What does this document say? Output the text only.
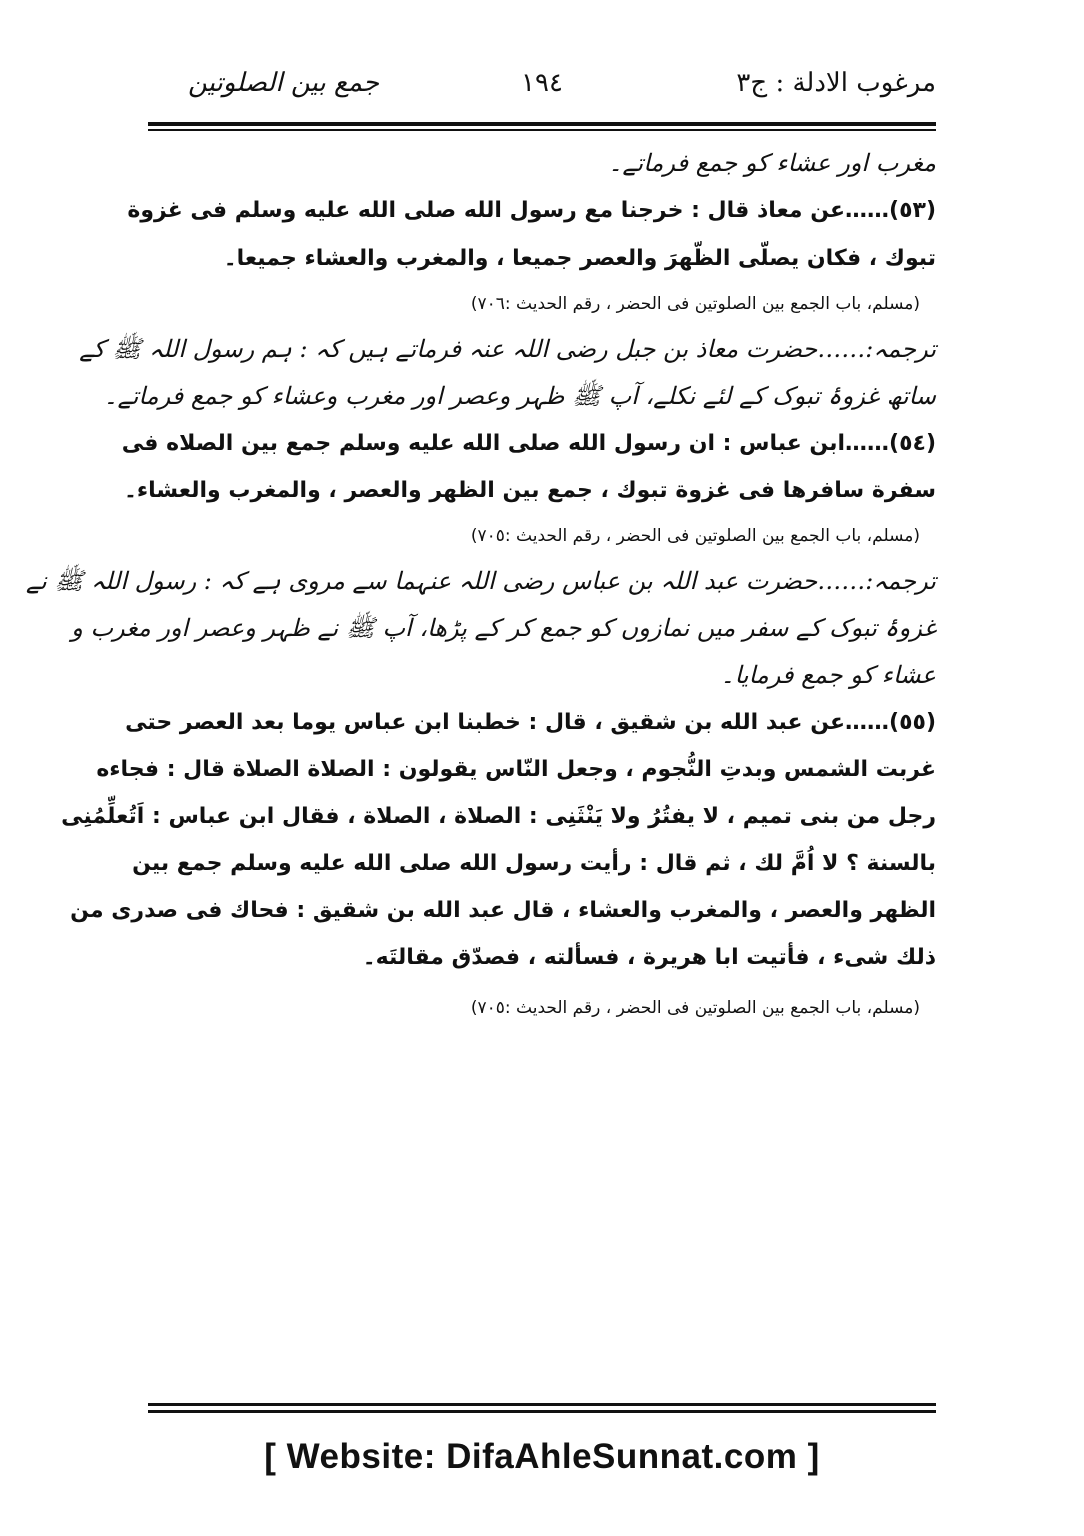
مرغوب الادلة : ج٣
١٩٤
جمع بین الصلوتین
مغرب اور عشاء کو جمع فرماتے۔
(٥٣)……عن معاذ قال : خرجنا مع رسول الله صلى الله عليه وسلم فى غزوة
تبوك ، فكان يصلّى الظّهرَ والعصر جميعا ، والمغرب والعشاء جميعا۔
(مسلم، باب الجمع بين الصلوتين فى الحضر ، رقم الحديث :٧٠٦)
ترجمہ:……حضرت معاذ بن جبل رضی اللہ عنہ فرماتے ہیں کہ : ہم رسول اللہ ﷺ کے
ساتھ غزوۂ تبوک کے لئے نکلے، آپ ﷺ ظہر وعصر اور مغرب وعشاء کو جمع فرماتے۔
(٥٤)……ابن عباس : ان رسول الله صلى الله عليه وسلم جمع بين الصلاه فى
سفرة سافرها فى غزوة تبوك ، جمع بين الظهر والعصر ، والمغرب والعشاء۔
(مسلم، باب الجمع بين الصلوتين فى الحضر ، رقم الحديث :٧٠٥)
ترجمہ:……حضرت عبد اللہ بن عباس رضی اللہ عنہما سے مروی ہے کہ : رسول اللہ ﷺ نے
غزوۂ تبوک کے سفر میں نمازوں کو جمع کر کے پڑھا، آپ ﷺ نے ظہر وعصر اور مغرب و
عشاء کو جمع فرمایا۔
(٥٥)……عن عبد الله بن شقيق ، قال : خطبنا ابن عباس يوما بعد العصر حتى
غربت الشمس وبدتِ النُّجوم ، وجعل النّاس يقولون : الصلاة الصلاة قال : فجاءه
رجل من بنى تميم ، لا يفتُرُ ولا يَنْثَنِى : الصلاة ، الصلاة ، فقال ابن عباس : اَتُعلِّمُنِى
بالسنة ؟ لا اُمَّ لك ، ثم قال : رأيت رسول الله صلى الله عليه وسلم جمع بين
الظهر والعصر ، والمغرب والعشاء ، قال عبد الله بن شقيق : فحاك فى صدرى من
ذلك شىء ، فأتيت ابا هريرة ، فسألته ، فصدّق مقالتَه۔
(مسلم، باب الجمع بين الصلوتين فى الحضر ، رقم الحديث :٧٠٥)
[ Website: DifaAhleSunnat.com ]
